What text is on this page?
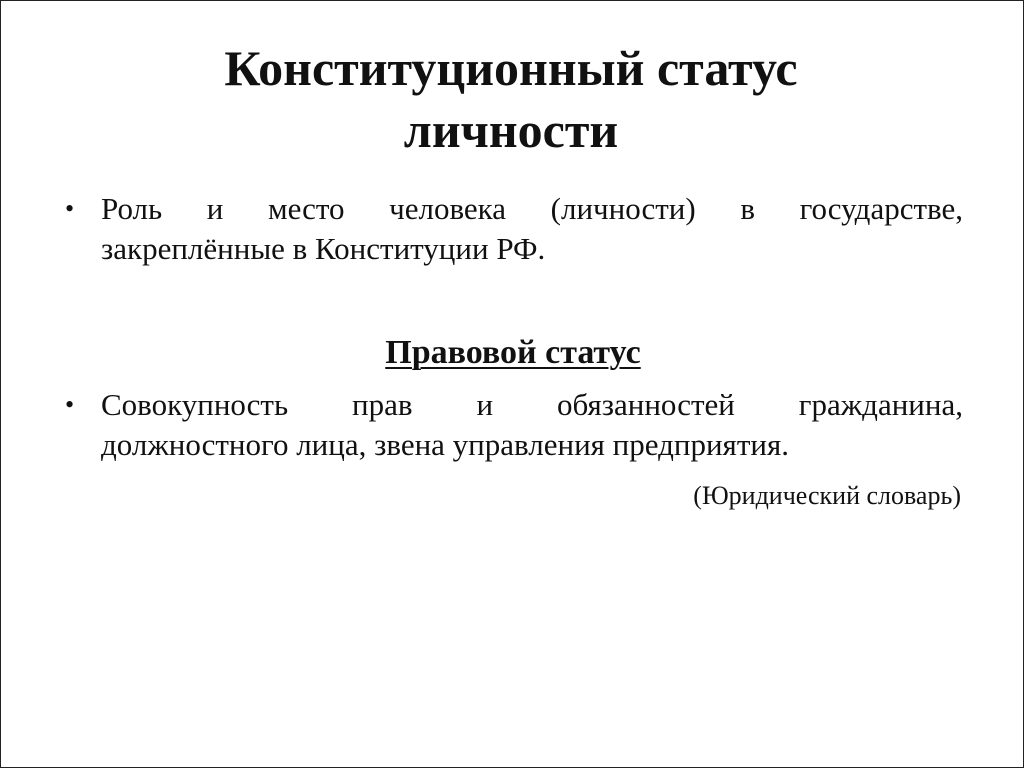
Конституционный статус
личности
• Роль и место человека (личности) в государстве,
закреплённые в Конституции РФ.
Правовой статус
• Совокупность прав и обязанностей гражданина,
должностного лица, звена управления предприятия.
(Юридический словарь)
